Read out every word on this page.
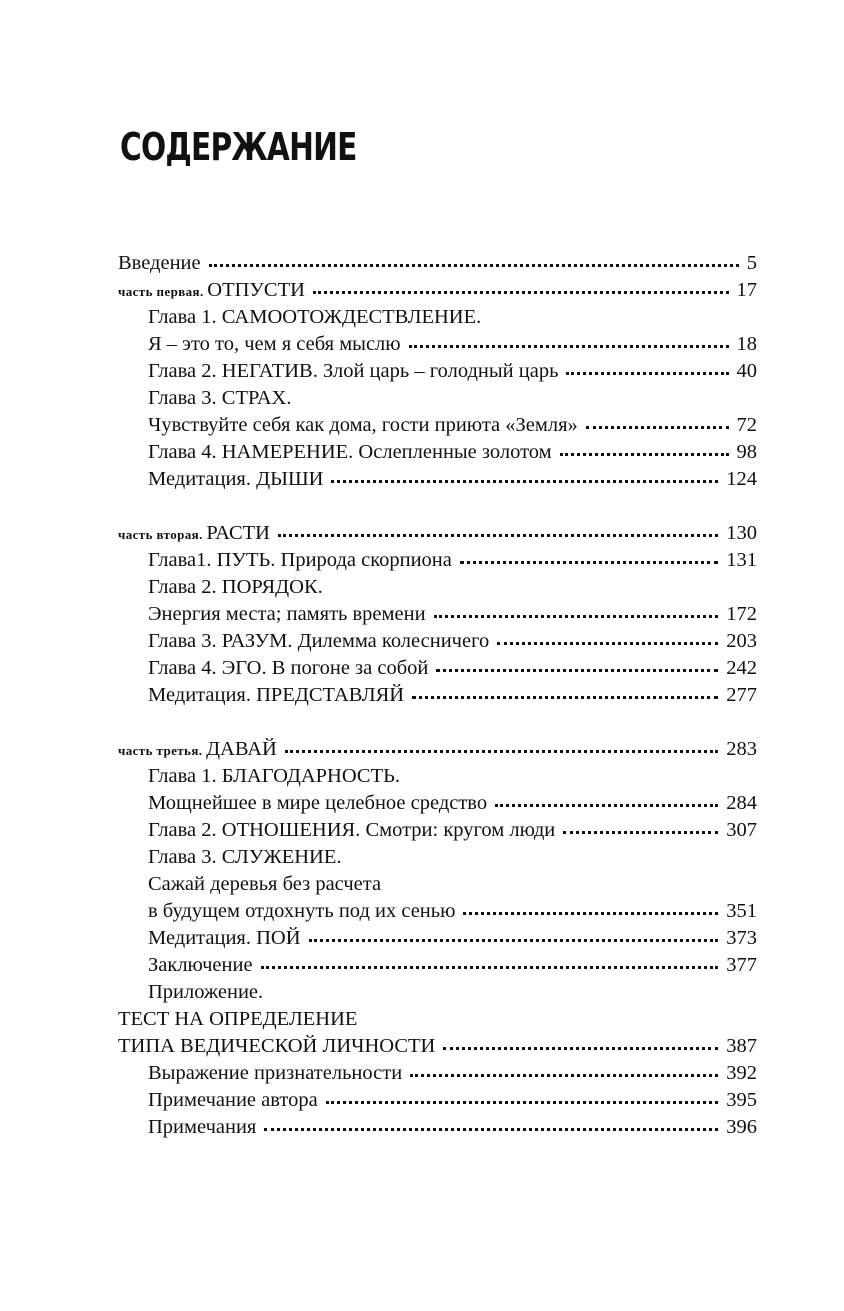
СОДЕРЖАНИЕ
Введение	5
часть первая. ОТПУСТИ	17
Глава 1. САМООТОЖДЕСТВЛЕНИЕ.
Я – это то, чем я себя мыслю	18
Глава 2. НЕГАТИВ. Злой царь – голодный царь	40
Глава 3. СТРАХ.
Чувствуйте себя как дома, гости приюта «Земля»	72
Глава 4. НАМЕРЕНИЕ. Ослепленные золотом	98
Медитация. ДЫШИ	124
часть вторая. РАСТИ	130
Глава1. ПУТЬ. Природа скорпиона	131
Глава 2. ПОРЯДОК.
Энергия места; память времени	172
Глава 3. РАЗУМ. Дилемма колесничего	203
Глава 4. ЭГО. В погоне за собой	242
Медитация. ПРЕДСТАВЛЯЙ	277
часть третья. ДАВАЙ	283
Глава 1. БЛАГОДАРНОСТЬ.
Мощнейшее в мире целебное средство	284
Глава 2. ОТНОШЕНИЯ. Смотри: кругом люди	307
Глава 3. СЛУЖЕНИЕ.
Сажай деревья без расчета
в будущем отдохнуть под их сенью	351
Медитация. ПОЙ	373
Заключение	377
Приложение.
ТЕСТ НА ОПРЕДЕЛЕНИЕ
ТИПА ВЕДИЧЕСКОЙ ЛИЧНОСТИ	387
Выражение признательности	392
Примечание автора	395
Примечания	396
